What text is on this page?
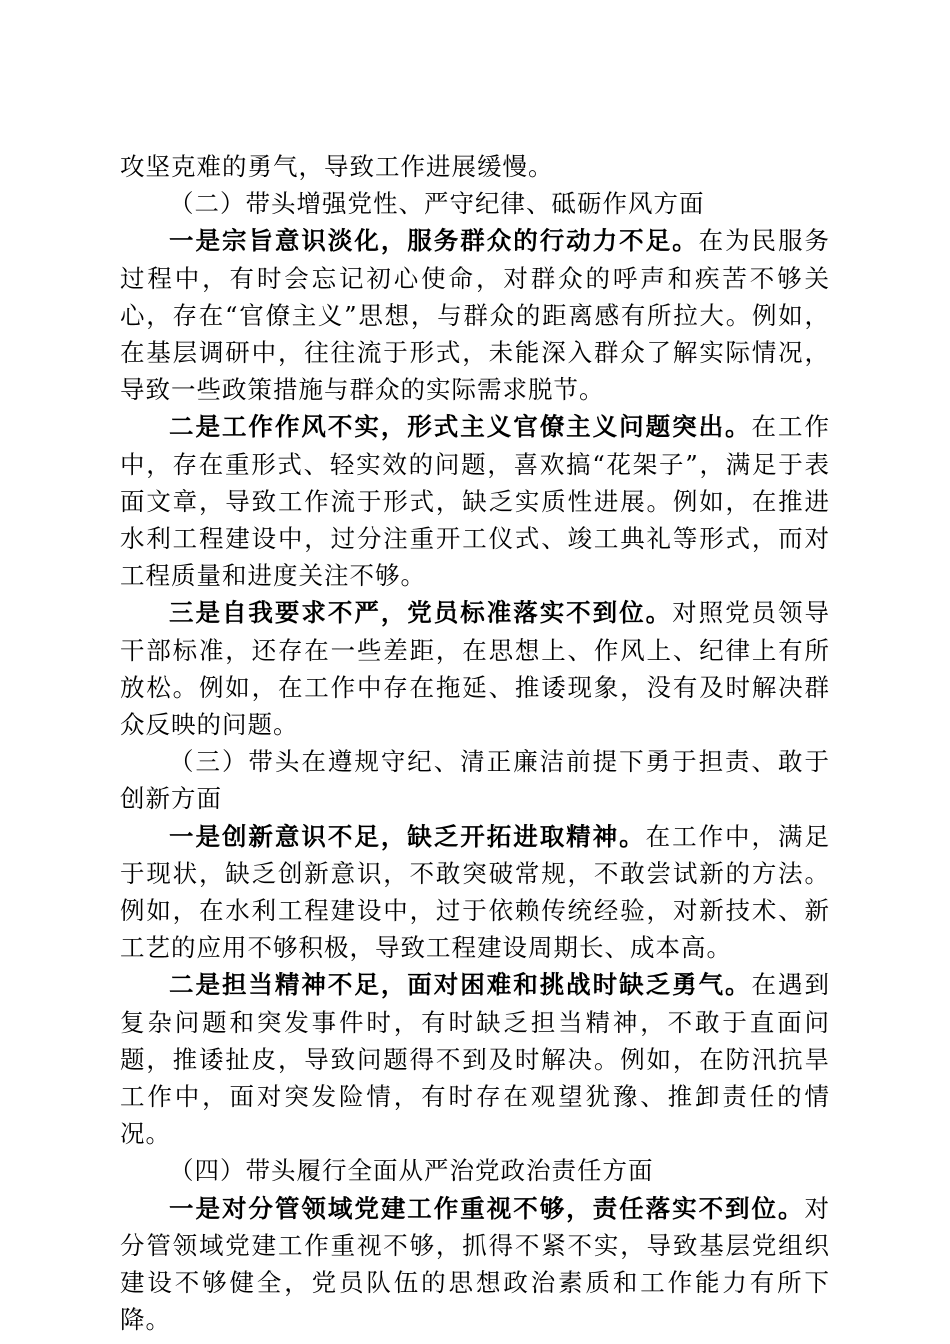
攻坚克难的勇气，导致工作进展缓慢。

（二）带头增强党性、严守纪律、砥砺作风方面

一是宗旨意识淡化，服务群众的行动力不足。在为民服务过程中，有时会忘记初心使命，对群众的呼声和疾苦不够关心，存在“官僚主义”思想，与群众的距离感有所拉大。例如，在基层调研中，往往流于形式，未能深入群众了解实际情况，导致一些政策措施与群众的实际需求脱节。

二是工作作风不实，形式主义官僚主义问题突出。在工作中，存在重形式、轻实效的问题，喜欢搞“花架子”，满足于表面文章，导致工作流于形式，缺乏实质性进展。例如，在推进水利工程建设中，过分注重开工仪式、竣工典礼等形式，而对工程质量和进度关注不够。

三是自我要求不严，党员标准落实不到位。对照党员领导干部标准，还存在一些差距，在思想上、作风上、纪律上有所放松。例如，在工作中存在拖延、推诿现象，没有及时解决群众反映的问题。

（三）带头在遵规守纪、清正廉洁前提下勇于担责、敢于创新方面

一是创新意识不足，缺乏开拓进取精神。在工作中，满足于现状，缺乏创新意识，不敢突破常规，不敢尝试新的方法。例如，在水利工程建设中，过于依赖传统经验，对新技术、新工艺的应用不够积极，导致工程建设周期长、成本高。

二是担当精神不足，面对困难和挑战时缺乏勇气。在遇到复杂问题和突发事件时，有时缺乏担当精神，不敢于直面问题，推诿扯皮，导致问题得不到及时解决。例如，在防汛抗旱工作中，面对突发险情，有时存在观望犹豫、推卸责任的情况。

（四）带头履行全面从严治党政治责任方面

一是对分管领域党建工作重视不够，责任落实不到位。对分管领域党建工作重视不够，抓得不紧不实，导致基层党组织建设不够健全，党员队伍的思想政治素质和工作能力有所下降。
